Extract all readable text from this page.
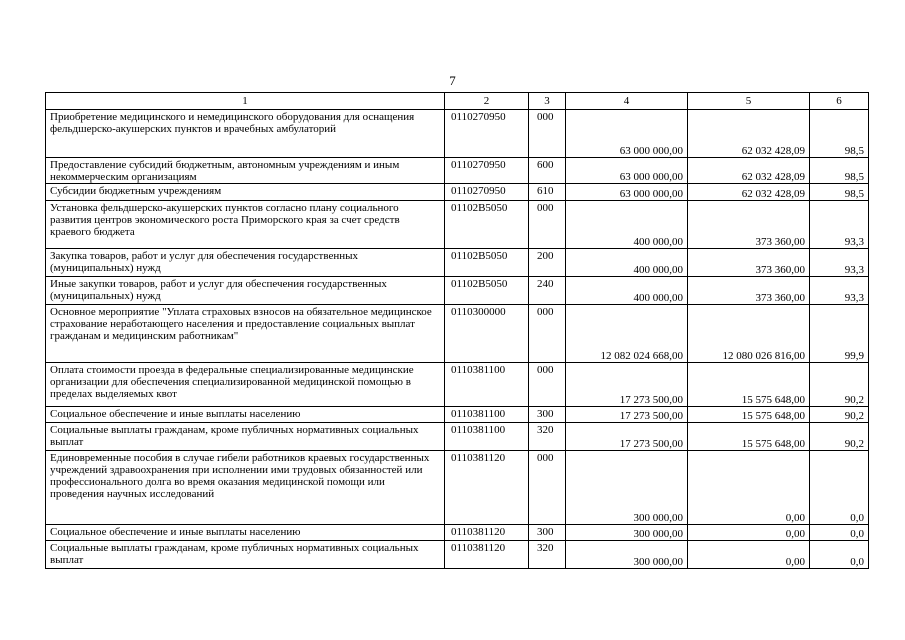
7
1	2	3	4	5	6
Приобретение медицинского и немедицинского оборудования для оснащения фельдшерско-акушерских пунктов и врачебных амбулаторий	0110270950	000	63 000 000,00	62 032 428,09	98,5
Предоставление субсидий бюджетным, автономным учреждениям и иным некоммерческим организациям	0110270950	600	63 000 000,00	62 032 428,09	98,5
Субсидии бюджетным учреждениям	0110270950	610	63 000 000,00	62 032 428,09	98,5
Установка фельдшерско-акушерских пунктов согласно плану социального развития центров экономического роста Приморского края за счет средств краевого бюджета	01102В5050	000	400 000,00	373 360,00	93,3
Закупка товаров, работ и услуг для обеспечения государственных (муниципальных) нужд	01102В5050	200	400 000,00	373 360,00	93,3
Иные закупки товаров, работ и услуг для обеспечения государственных (муниципальных) нужд	01102В5050	240	400 000,00	373 360,00	93,3
Основное мероприятие "Уплата страховых взносов на обязательное медицинское страхование неработающего населения и предоставление социальных выплат гражданам и медицинским работникам"	0110300000	000	12 082 024 668,00	12 080 026 816,00	99,9
Оплата стоимости проезда в федеральные специализированные медицинские организации для обеспечения специализированной медицинской помощью в пределах выделяемых квот	0110381100	000	17 273 500,00	15 575 648,00	90,2
Социальное обеспечение и иные выплаты населению	0110381100	300	17 273 500,00	15 575 648,00	90,2
Социальные выплаты гражданам, кроме публичных нормативных социальных выплат	0110381100	320	17 273 500,00	15 575 648,00	90,2
Единовременные пособия в случае гибели работников краевых государственных учреждений здравоохранения при исполнении ими трудовых обязанностей или профессионального долга во время оказания медицинской помощи или проведения научных исследований	0110381120	000	300 000,00	0,00	0,0
Социальное обеспечение и иные выплаты населению	0110381120	300	300 000,00	0,00	0,0
Социальные выплаты гражданам, кроме публичных нормативных социальных выплат	0110381120	320	300 000,00	0,00	0,0
